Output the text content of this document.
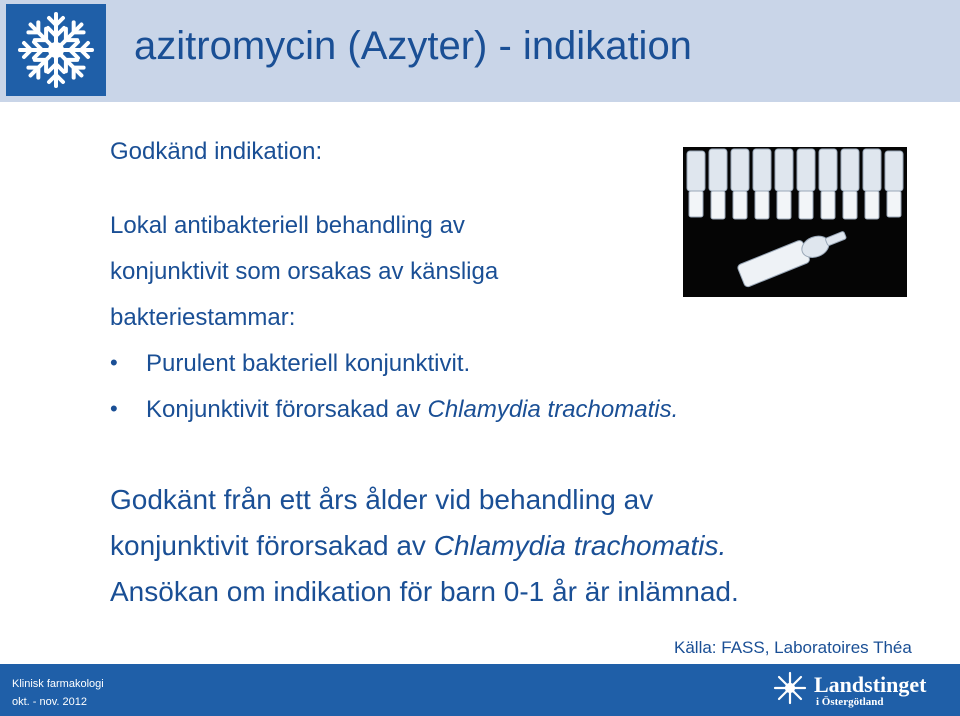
azitromycin (Azyter) - indikation
Godkänd indikation:
Lokal antibakteriell behandling av
konjunktivit som orsakas av känsliga
bakteriestammar:
• Purulent bakteriell konjunktivit.
• Konjunktivit förorsakad av Chlamydia trachomatis.
Godkänt från ett års ålder vid behandling av
konjunktivit förorsakad av Chlamydia trachomatis.
Ansökan om indikation för barn 0-1 år är inlämnad.
Källa: FASS, Laboratoires Théa
Klinisk farmakologi
okt. - nov. 2012
Landstinget
i Östergötland
